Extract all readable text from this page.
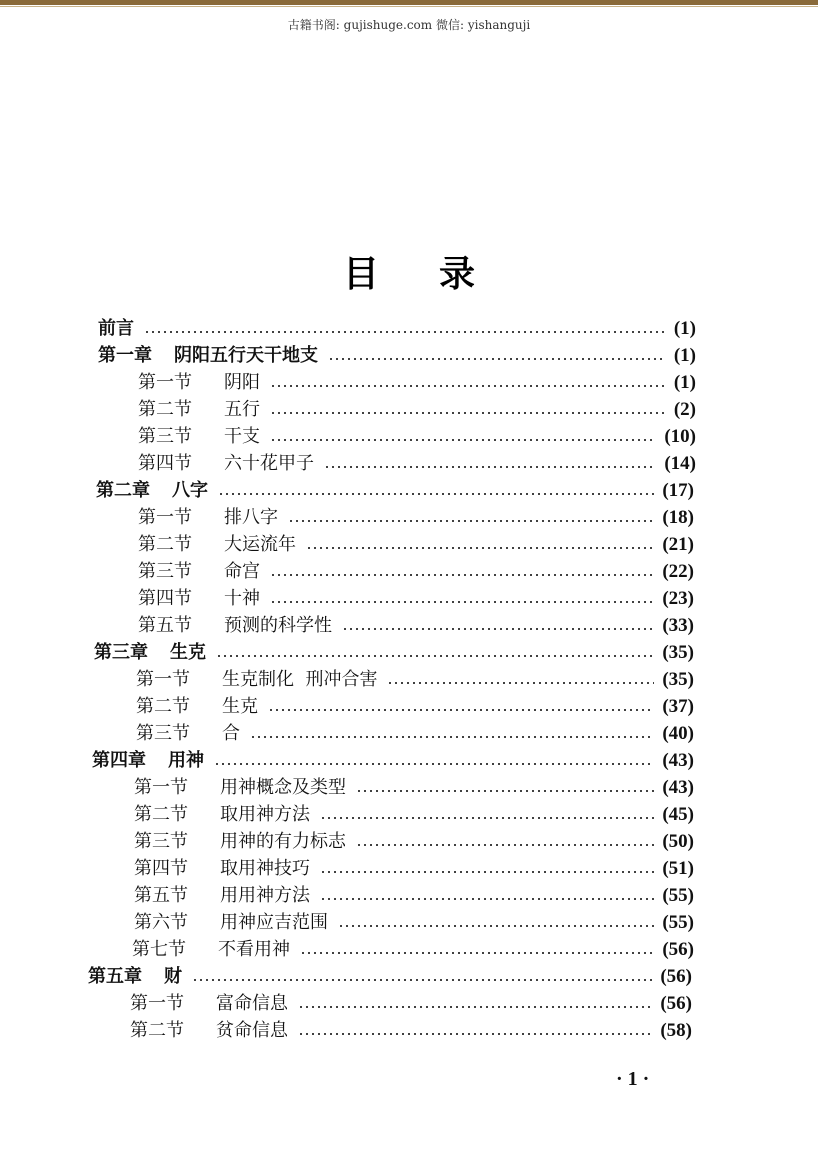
古籍书阁: gujishuge.com 微信: yishanguji
目录
前言	(1)
第一章 阴阳五行天干地支	(1)
第一节 阴阳	(1)
第二节 五行	(2)
第三节 干支	(10)
第四节 六十花甲子	(14)
第二章 八字	(17)
第一节 排八字	(18)
第二节 大运流年	(21)
第三节 命宫	(22)
第四节 十神	(23)
第五节 预测的科学性	(33)
第三章 生克	(35)
第一节 生克制化  刑冲合害	(35)
第二节 生克	(37)
第三节 合	(40)
第四章 用神	(43)
第一节 用神概念及类型	(43)
第二节 取用神方法	(45)
第三节 用神的有力标志	(50)
第四节 取用神技巧	(51)
第五节 用用神方法	(55)
第六节 用神应吉范围	(55)
第七节 不看用神	(56)
第五章 财	(56)
第一节 富命信息	(56)
第二节 贫命信息	(58)
· 1 ·
